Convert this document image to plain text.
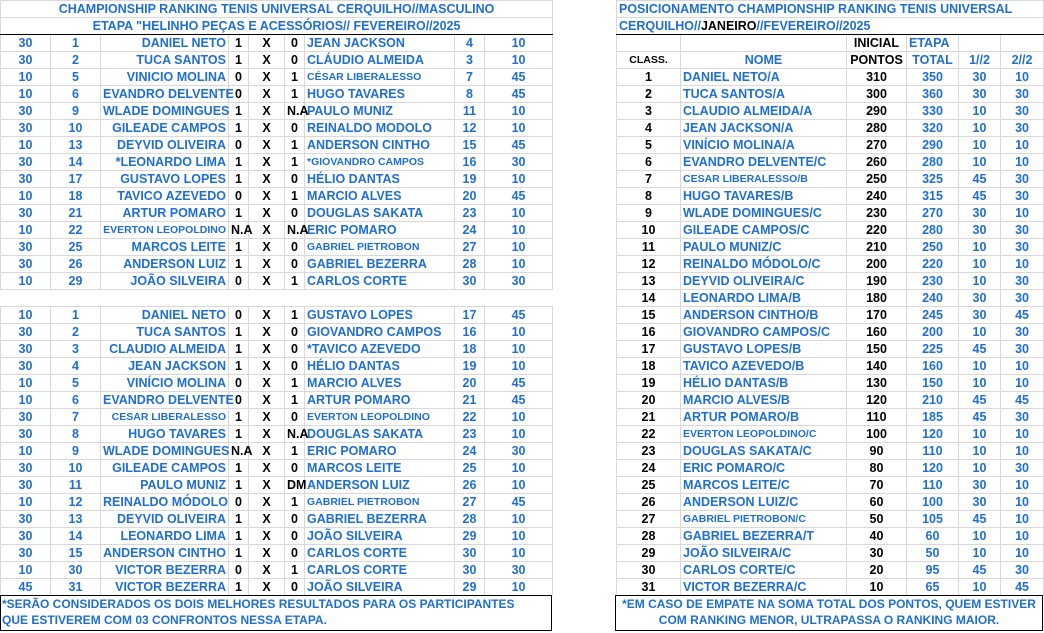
CHAMPIONSHIP RANKING TENIS UNIVERSAL CERQUILHO//MASCULINO								
ETAPA "HELINHO PEÇAS E ACESSÓRIOS// FEVEREIRO//2025								
30	1	DANIEL NETO	1	X	0	JEAN JACKSON	4	10
30	2	TUCA SANTOS	1	X	0	CLÁUDIO ALMEIDA	3	10
10	5	VINICIO MOLINA	0	X	1	CÉSAR LIBERALESSO	7	45
10	6	EVANDRO DELVENTE	0	X	1	HUGO TAVARES	8	45
30	9	WLADE DOMINGUES	1	X	N.A	PAULO MUNIZ	11	10
30	10	GILEADE CAMPOS	1	X	0	REINALDO MODOLO	12	10
10	13	DEYVID OLIVEIRA	0	X	1	ANDERSON CINTHO	15	45
30	14	*LEONARDO LIMA	1	X	1	*GIOVANDRO CAMPOS	16	30
30	17	GUSTAVO LOPES	1	X	0	HÉLIO DANTAS	19	10
10	18	TAVICO AZEVEDO	0	X	1	MARCIO ALVES	20	45
30	21	ARTUR POMARO	1	X	0	DOUGLAS SAKATA	23	10
10	22	EVERTON LEOPOLDINO	N.A	X	N.A	ERIC POMARO	24	10
30	25	MARCOS LEITE	1	X	0	GABRIEL PIETROBON	27	10
30	26	ANDERSON LUIZ	1	X	0	GABRIEL BEZERRA	28	10
10	29	JOÃO SILVEIRA	0	X	1	CARLOS CORTE	30	30

10	1	DANIEL NETO	0	X	1	GUSTAVO LOPES	17	45
30	2	TUCA SANTOS	1	X	0	GIOVANDRO CAMPOS	16	10
30	3	CLAUDIO ALMEIDA	1	X	0	*TAVICO AZEVEDO	18	10
30	4	JEAN JACKSON	1	X	0	HÉLIO DANTAS	19	10
10	5	VINÍCIO MOLINA	0	X	1	MARCIO ALVES	20	45
10	6	EVANDRO DELVENTE	0	X	1	ARTUR POMARO	21	45
30	7	CESAR LIBERALESSO	1	X	0	EVERTON LEOPOLDINO	22	10
30	8	HUGO TAVARES	1	X	N.A	DOUGLAS SAKATA	23	10
10	9	WLADE DOMINGUES	N.A	X	1	ERIC POMARO	24	30
30	10	GILEADE CAMPOS	1	X	0	MARCOS LEITE	25	10
30	11	PAULO MUNIZ	1	X	DM	ANDERSON LUIZ	26	10
10	12	REINALDO MÓDOLO	0	X	1	GABRIEL PIETROBON	27	45
30	13	DEYVID OLIVEIRA	1	X	0	GABRIEL BEZERRA	28	10
30	14	LEONARDO LIMA	1	X	0	JOÃO SILVEIRA	29	10
30	15	ANDERSON CINTHO	1	X	0	CARLOS CORTE	30	10
10	30	VICTOR BEZERRA	0	X	1	CARLOS CORTE	30	30
45	31	VICTOR BEZERRA	1	X	0	JOÃO SILVEIRA	29	10
*SERÃO CONSIDERADOS OS DOIS MELHORES RESULTADOS PARA OS PARTICIPANTES
QUE ESTIVEREM COM 03 CONFRONTOS NESSA ETAPA.
POSICIONAMENTO CHAMPIONSHIP RANKING TENIS UNIVERSAL					
CERQUILHO//JANEIRO//FEVEREIRO//2025					
		INICIAL	ETAPA		
CLASS.	NOME	PONTOS	TOTAL	1//2	2//2
1	DANIEL NETO/A	310	350	30	10
2	TUCA SANTOS/A	300	360	30	30
3	CLAUDIO ALMEIDA/A	290	330	10	30
4	JEAN JACKSON/A	280	320	10	30
5	VINÍCIO MOLINA/A	270	290	10	10
6	EVANDRO DELVENTE/C	260	280	10	10
7	CESAR LIBERALESSO/B	250	325	45	30
8	HUGO TAVARES/B	240	315	45	30
9	WLADE DOMINGUES/C	230	270	30	10
10	GILEADE CAMPOS/C	220	280	30	30
11	PAULO MUNIZ/C	210	250	10	30
12	REINALDO MÓDOLO/C	200	220	10	10
13	DEYVID OLIVEIRA/C	190	230	10	30
14	LEONARDO LIMA/B	180	240	30	30
15	ANDERSON CINTHO/B	170	245	30	45
16	GIOVANDRO CAMPOS/C	160	200	10	30
17	GUSTAVO LOPES/B	150	225	45	30
18	TAVICO AZEVEDO/B	140	160	10	10
19	HÉLIO DANTAS/B	130	150	10	10
20	MARCIO ALVES/B	120	210	45	45
21	ARTUR POMARO/B	110	185	45	30
22	EVERTON LEOPOLDINO/C	100	120	10	10
23	DOUGLAS SAKATA/C	90	110	10	10
24	ERIC POMARO/C	80	120	10	30
25	MARCOS LEITE/C	70	110	30	10
26	ANDERSON LUIZ/C	60	100	30	10
27	GABRIEL PIETROBON/C	50	105	45	10
28	GABRIEL BEZERRA/T	40	60	10	10
29	JOÃO SILVEIRA/C	30	50	10	10
30	CARLOS CORTE/C	20	95	45	30
31	VICTOR BEZERRA/C	10	65	10	45
*EM CASO DE EMPATE NA SOMA TOTAL DOS PONTOS, QUEM ESTIVER
COM RANKING MENOR, ULTRAPASSA O RANKING MAIOR.
